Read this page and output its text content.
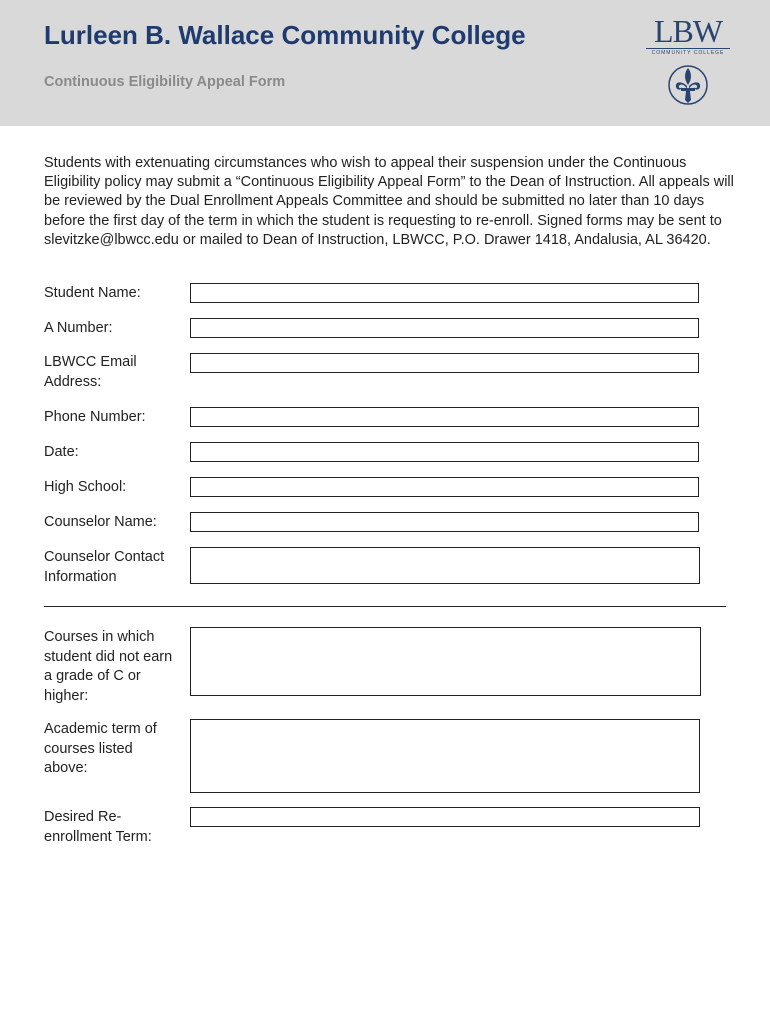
Lurleen B. Wallace Community College
Continuous Eligibility Appeal Form
LBW
COMMUNITY COLLEGE

Students with extenuating circumstances who wish to appeal their suspension under the Continuous Eligibility policy may submit a “Continuous Eligibility Appeal Form” to the Dean of Instruction. All appeals will be reviewed by the Dual Enrollment Appeals Committee and should be submitted no later than 10 days before the first day of the term in which the student is requesting to re-enroll. Signed forms may be sent to slevitzke@lbwcc.edu or mailed to Dean of Instruction, LBWCC, P.O. Drawer 1418, Andalusia, AL 36420.

Student Name:
A Number:
LBWCC Email Address:
Phone Number:
Date:
High School:
Counselor Name:
Counselor Contact Information
Courses in which student did not earn a grade of C or higher:
Academic term of courses listed above:
Desired Re-enrollment Term:
